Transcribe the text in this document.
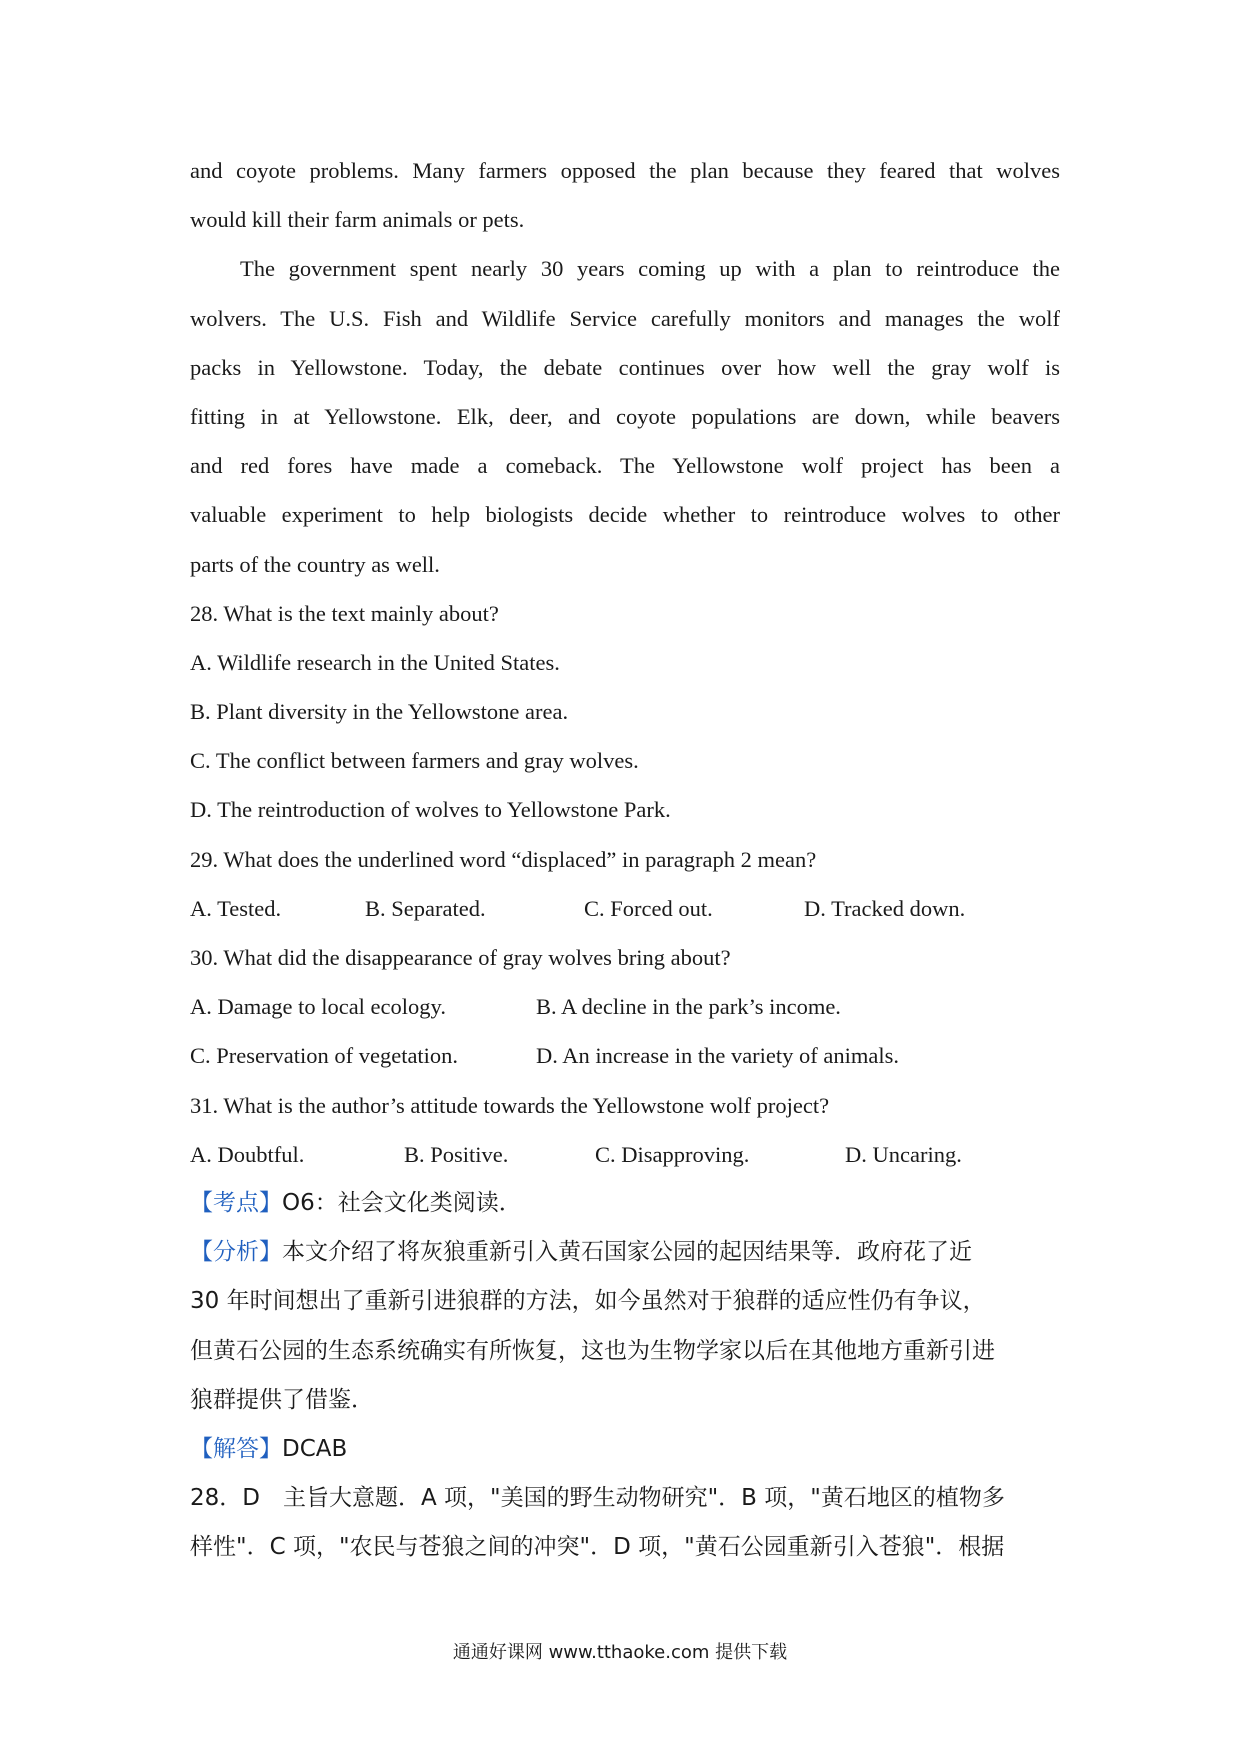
and coyote problems. Many farmers opposed the plan because they feared that wolves
would kill their farm animals or pets.
The government spent nearly 30 years coming up with a plan to reintroduce the
wolvers. The U.S. Fish and Wildlife Service carefully monitors and manages the wolf
packs in Yellowstone. Today, the debate continues over how well the gray wolf is
fitting in at Yellowstone. Elk, deer, and coyote populations are down, while beavers
and red fores have made a comeback. The Yellowstone wolf project has been a
valuable experiment to help biologists decide whether to reintroduce wolves to other
parts of the country as well.
28. What is the text mainly about?
A. Wildlife research in the United States.
B. Plant diversity in the Yellowstone area.
C. The conflict between farmers and gray wolves.
D. The reintroduction of wolves to Yellowstone Park.
29. What does the underlined word “displaced” in paragraph 2 mean?
A. Tested.	B. Separated.	C. Forced out.	D. Tracked down.
30. What did the disappearance of gray wolves bring about?
A. Damage to local ecology.	B. A decline in the park’s income.
C. Preservation of vegetation.	D. An increase in the variety of animals.
31. What is the author’s attitude towards the Yellowstone wolf project?
A. Doubtful.	B. Positive.	C. Disapproving.	D. Uncaring.
【考点】O6：社会文化类阅读．
【分析】本文介绍了将灰狼重新引入黄石国家公园的起因结果等．政府花了近
30 年时间想出了重新引进狼群的方法，如今虽然对于狼群的适应性仍有争议，
但黄石公园的生态系统确实有所恢复，这也为生物学家以后在其他地方重新引进
狼群提供了借鉴．
【解答】DCAB
28．D　主旨大意题．A 项，"美国的野生动物研究"．B 项，"黄石地区的植物多
样性"．C 项，"农民与苍狼之间的冲突"．D 项，"黄石公园重新引入苍狼"．根据
通通好课网 www.tthaoke.com 提供下载
